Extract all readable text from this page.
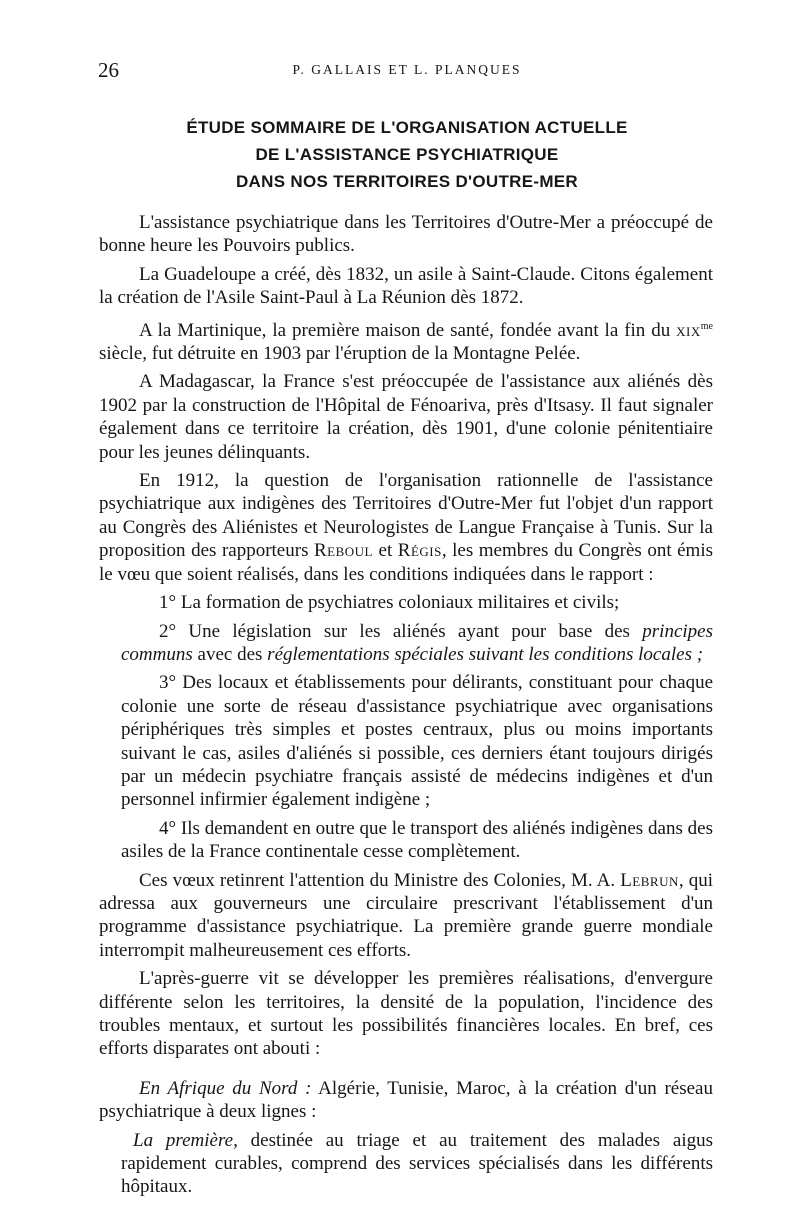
26	P. GALLAIS ET L. PLANQUES
ÉTUDE SOMMAIRE DE L'ORGANISATION ACTUELLE
DE L'ASSISTANCE PSYCHIATRIQUE
DANS NOS TERRITOIRES D'OUTRE-MER

L'assistance psychiatrique dans les Territoires d'Outre-Mer a préoccupé de bonne heure les Pouvoirs publics.

La Guadeloupe a créé, dès 1832, un asile à Saint-Claude. Citons également la création de l'Asile Saint-Paul à La Réunion dès 1872.

A la Martinique, la première maison de santé, fondée avant la fin du xix$^{me}$ siècle, fut détruite en 1903 par l'éruption de la Montagne Pelée.

A Madagascar, la France s'est préoccupée de l'assistance aux aliénés dès 1902 par la construction de l'Hôpital de Fénoariva, près d'Itsasy. Il faut signaler également dans ce territoire la création, dès 1901, d'une colonie pénitentiaire pour les jeunes délinquants.

En 1912, la question de l'organisation rationnelle de l'assistance psychiatrique aux indigènes des Territoires d'Outre-Mer fut l'objet d'un rapport au Congrès des Aliénistes et Neurologistes de Langue Française à Tunis. Sur la proposition des rapporteurs Reboul et Régis, les membres du Congrès ont émis le vœu que soient réalisés, dans les conditions indiquées dans le rapport :

1° La formation de psychiatres coloniaux militaires et civils;

2° Une législation sur les aliénés ayant pour base des principes communs avec des réglementations spéciales suivant les conditions locales ;

3° Des locaux et établissements pour délirants, constituant pour chaque colonie une sorte de réseau d'assistance psychiatrique avec organisations périphériques très simples et postes centraux, plus ou moins importants suivant le cas, asiles d'aliénés si possible, ces derniers étant toujours dirigés par un médecin psychiatre français assisté de médecins indigènes et d'un personnel infirmier également indigène ;

4° Ils demandent en outre que le transport des aliénés indigènes dans des asiles de la France continentale cesse complètement.

Ces vœux retinrent l'attention du Ministre des Colonies, M. A. Lebrun, qui adressa aux gouverneurs une circulaire prescrivant l'établissement d'un programme d'assistance psychiatrique. La première grande guerre mondiale interrompit malheureusement ces efforts.

L'après-guerre vit se développer les premières réalisations, d'envergure différente selon les territoires, la densité de la population, l'incidence des troubles mentaux, et surtout les possibilités financières locales. En bref, ces efforts disparates ont abouti :

En Afrique du Nord : Algérie, Tunisie, Maroc, à la création d'un réseau psychiatrique à deux lignes :

La première, destinée au triage et au traitement des malades aigus rapidement curables, comprend des services spécialisés dans les différents hôpitaux.
